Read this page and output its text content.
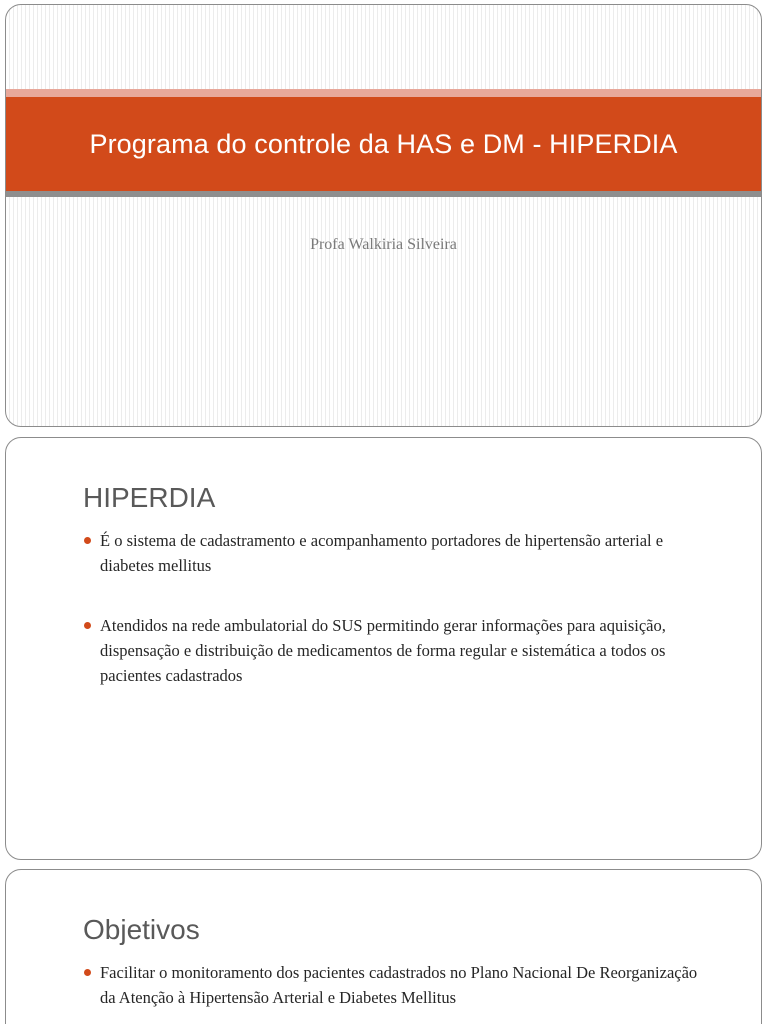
Programa do controle da HAS e DM - HIPERDIA
Profa Walkiria Silveira
HIPERDIA
É o sistema de cadastramento e acompanhamento portadores de hipertensão arterial e diabetes mellitus
Atendidos na rede ambulatorial do SUS permitindo gerar informações para aquisição, dispensação e distribuição de medicamentos de forma regular e sistemática a todos os pacientes cadastrados
Objetivos
Facilitar o monitoramento dos pacientes cadastrados no Plano Nacional De Reorganização da Atenção à Hipertensão Arterial e Diabetes Mellitus
